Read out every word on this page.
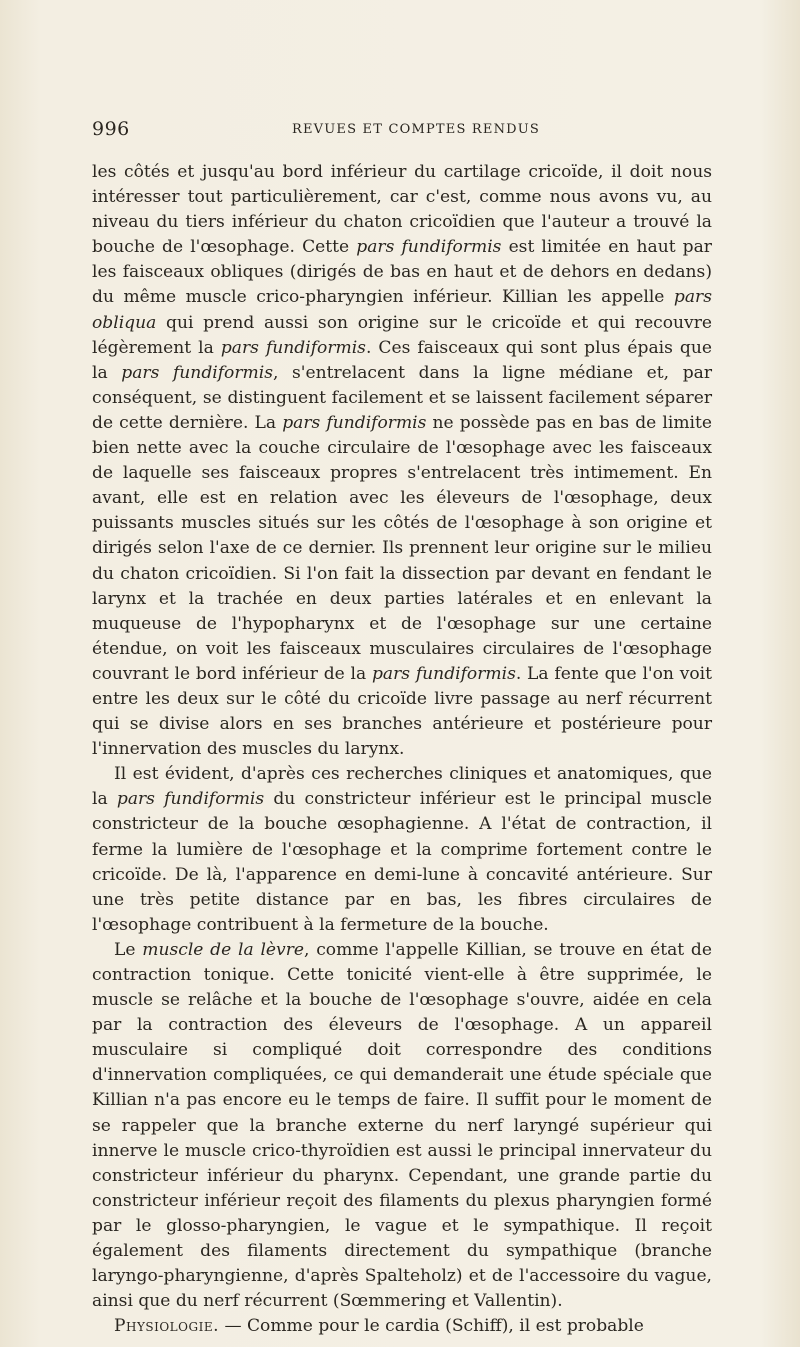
996	REVUES ET COMPTES RENDUS

les côtés et jusqu'au bord inférieur du cartilage cricoïde, il doit nous intéresser tout particulièrement, car c'est, comme nous avons vu, au niveau du tiers inférieur du chaton cricoïdien que l'auteur a trouvé la bouche de l'œsophage. Cette pars fundiformis est limitée en haut par les faisceaux obliques (dirigés de bas en haut et de dehors en dedans) du même muscle crico-pharyngien inférieur. Killian les appelle pars obliqua qui prend aussi son origine sur le cricoïde et qui recouvre légèrement la pars fundiformis. Ces faisceaux qui sont plus épais que la pars fundiformis, s'entrelacent dans la ligne médiane et, par conséquent, se distinguent facilement et se laissent facilement séparer de cette dernière. La pars fundiformis ne possède pas en bas de limite bien nette avec la couche circulaire de l'œsophage avec les faisceaux de laquelle ses faisceaux propres s'entrelacent très intimement. En avant, elle est en relation avec les éleveurs de l'œsophage, deux puissants muscles situés sur les côtés de l'œsophage à son origine et dirigés selon l'axe de ce dernier. Ils prennent leur origine sur le milieu du chaton cricoïdien. Si l'on fait la dissection par devant en fendant le larynx et la trachée en deux parties latérales et en enlevant la muqueuse de l'hypopharynx et de l'œsophage sur une certaine étendue, on voit les faisceaux musculaires circulaires de l'œsophage couvrant le bord inférieur de la pars fundiformis. La fente que l'on voit entre les deux sur le côté du cricoïde livre passage au nerf récurrent qui se divise alors en ses branches antérieure et postérieure pour l'innervation des muscles du larynx.

Il est évident, d'après ces recherches cliniques et anatomiques, que la pars fundiformis du constricteur inférieur est le principal muscle constricteur de la bouche œsophagienne. A l'état de contraction, il ferme la lumière de l'œsophage et la comprime fortement contre le cricoïde. De là, l'apparence en demi-lune à concavité antérieure. Sur une très petite distance par en bas, les fibres circulaires de l'œsophage contribuent à la fermeture de la bouche.

Le muscle de la lèvre, comme l'appelle Killian, se trouve en état de contraction tonique. Cette tonicité vient-elle à être supprimée, le muscle se relâche et la bouche de l'œsophage s'ouvre, aidée en cela par la contraction des éleveurs de l'œsophage. A un appareil musculaire si compliqué doit correspondre des conditions d'innervation compliquées, ce qui demanderait une étude spéciale que Killian n'a pas encore eu le temps de faire. Il suffit pour le moment de se rappeler que la branche externe du nerf laryngé supérieur qui innerve le muscle crico-thyroïdien est aussi le principal innervateur du constricteur inférieur du pharynx. Cependant, une grande partie du constricteur inférieur reçoit des filaments du plexus pharyngien formé par le glosso-pharyngien, le vague et le sympathique. Il reçoit également des filaments directement du sympathique (branche laryngo-pharyngienne, d'après Spalteholz) et de l'accessoire du vague, ainsi que du nerf récurrent (Sœmmering et Vallentin).

Physiologie. — Comme pour le cardia (Schiff), il est probable
